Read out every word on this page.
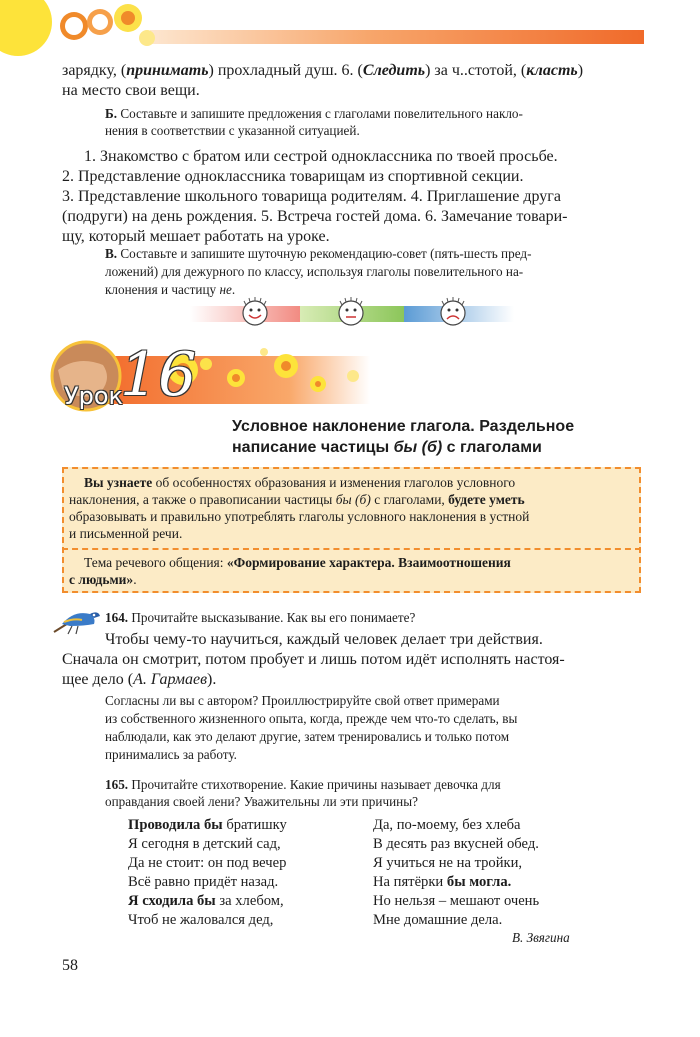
зарядку, (принимать) прохладный душ. 6. (Следить) за ч..стотой, (класть)
на место свои вещи.
Б. Составьте и запишите предложения с глаголами повелительного накло-
нения в соответствии с указанной ситуацией.
1. Знакомство с братом или сестрой одноклассника по твоей просьбе.
2. Представление одноклассника товарищам из спортивной секции.
3. Представление школьного товарища родителям. 4. Приглашение друга
(подруги) на день рождения. 5. Встреча гостей дома. 6. Замечание товари-
щу, который мешает работать на уроке.
В. Составьте и запишите шуточную рекомендацию-совет (пять-шесть пред-
ложений) для дежурного по классу, используя глаголы повелительного на-
клонения и частицу не.
Урок
16
Условное наклонение глагола. Раздельное
написание частицы бы (б) с глаголами
Вы узнаете об особенностях образования и изменения глаголов условного
наклонения, а также о правописании частицы бы (б) с глаголами, будете уметь
образовывать и правильно употреблять глаголы условного наклонения в устной
и письменной речи.
Тема речевого общения: «Формирование характера. Взаимоотношения
с людьми».
164. Прочитайте высказывание. Как вы его понимаете?
Чтобы чему-то научиться, каждый человек делает три действия.
Сначала он смотрит, потом пробует и лишь потом идёт исполнять настоя-
щее дело (А. Гармаев).
Согласны ли вы с автором? Проиллюстрируйте свой ответ примерами
из собственного жизненного опыта, когда, прежде чем что-то сделать, вы
наблюдали, как это делают другие, затем тренировались и только потом
принимались за работу.
165. Прочитайте стихотворение. Какие причины называет девочка для
оправдания своей лени? Уважительны ли эти причины?
Проводила бы братишку
Я сегодня в детский сад,
Да не стоит: он под вечер
Всё равно придёт назад.
Я сходила бы за хлебом,
Чтоб не жаловался дед,
Да, по-моему, без хлеба
В десять раз вкусней обед.
Я учиться не на тройки,
На пятёрки бы могла.
Но нельзя – мешают очень
Мне домашние дела.
В. Звягина
58
